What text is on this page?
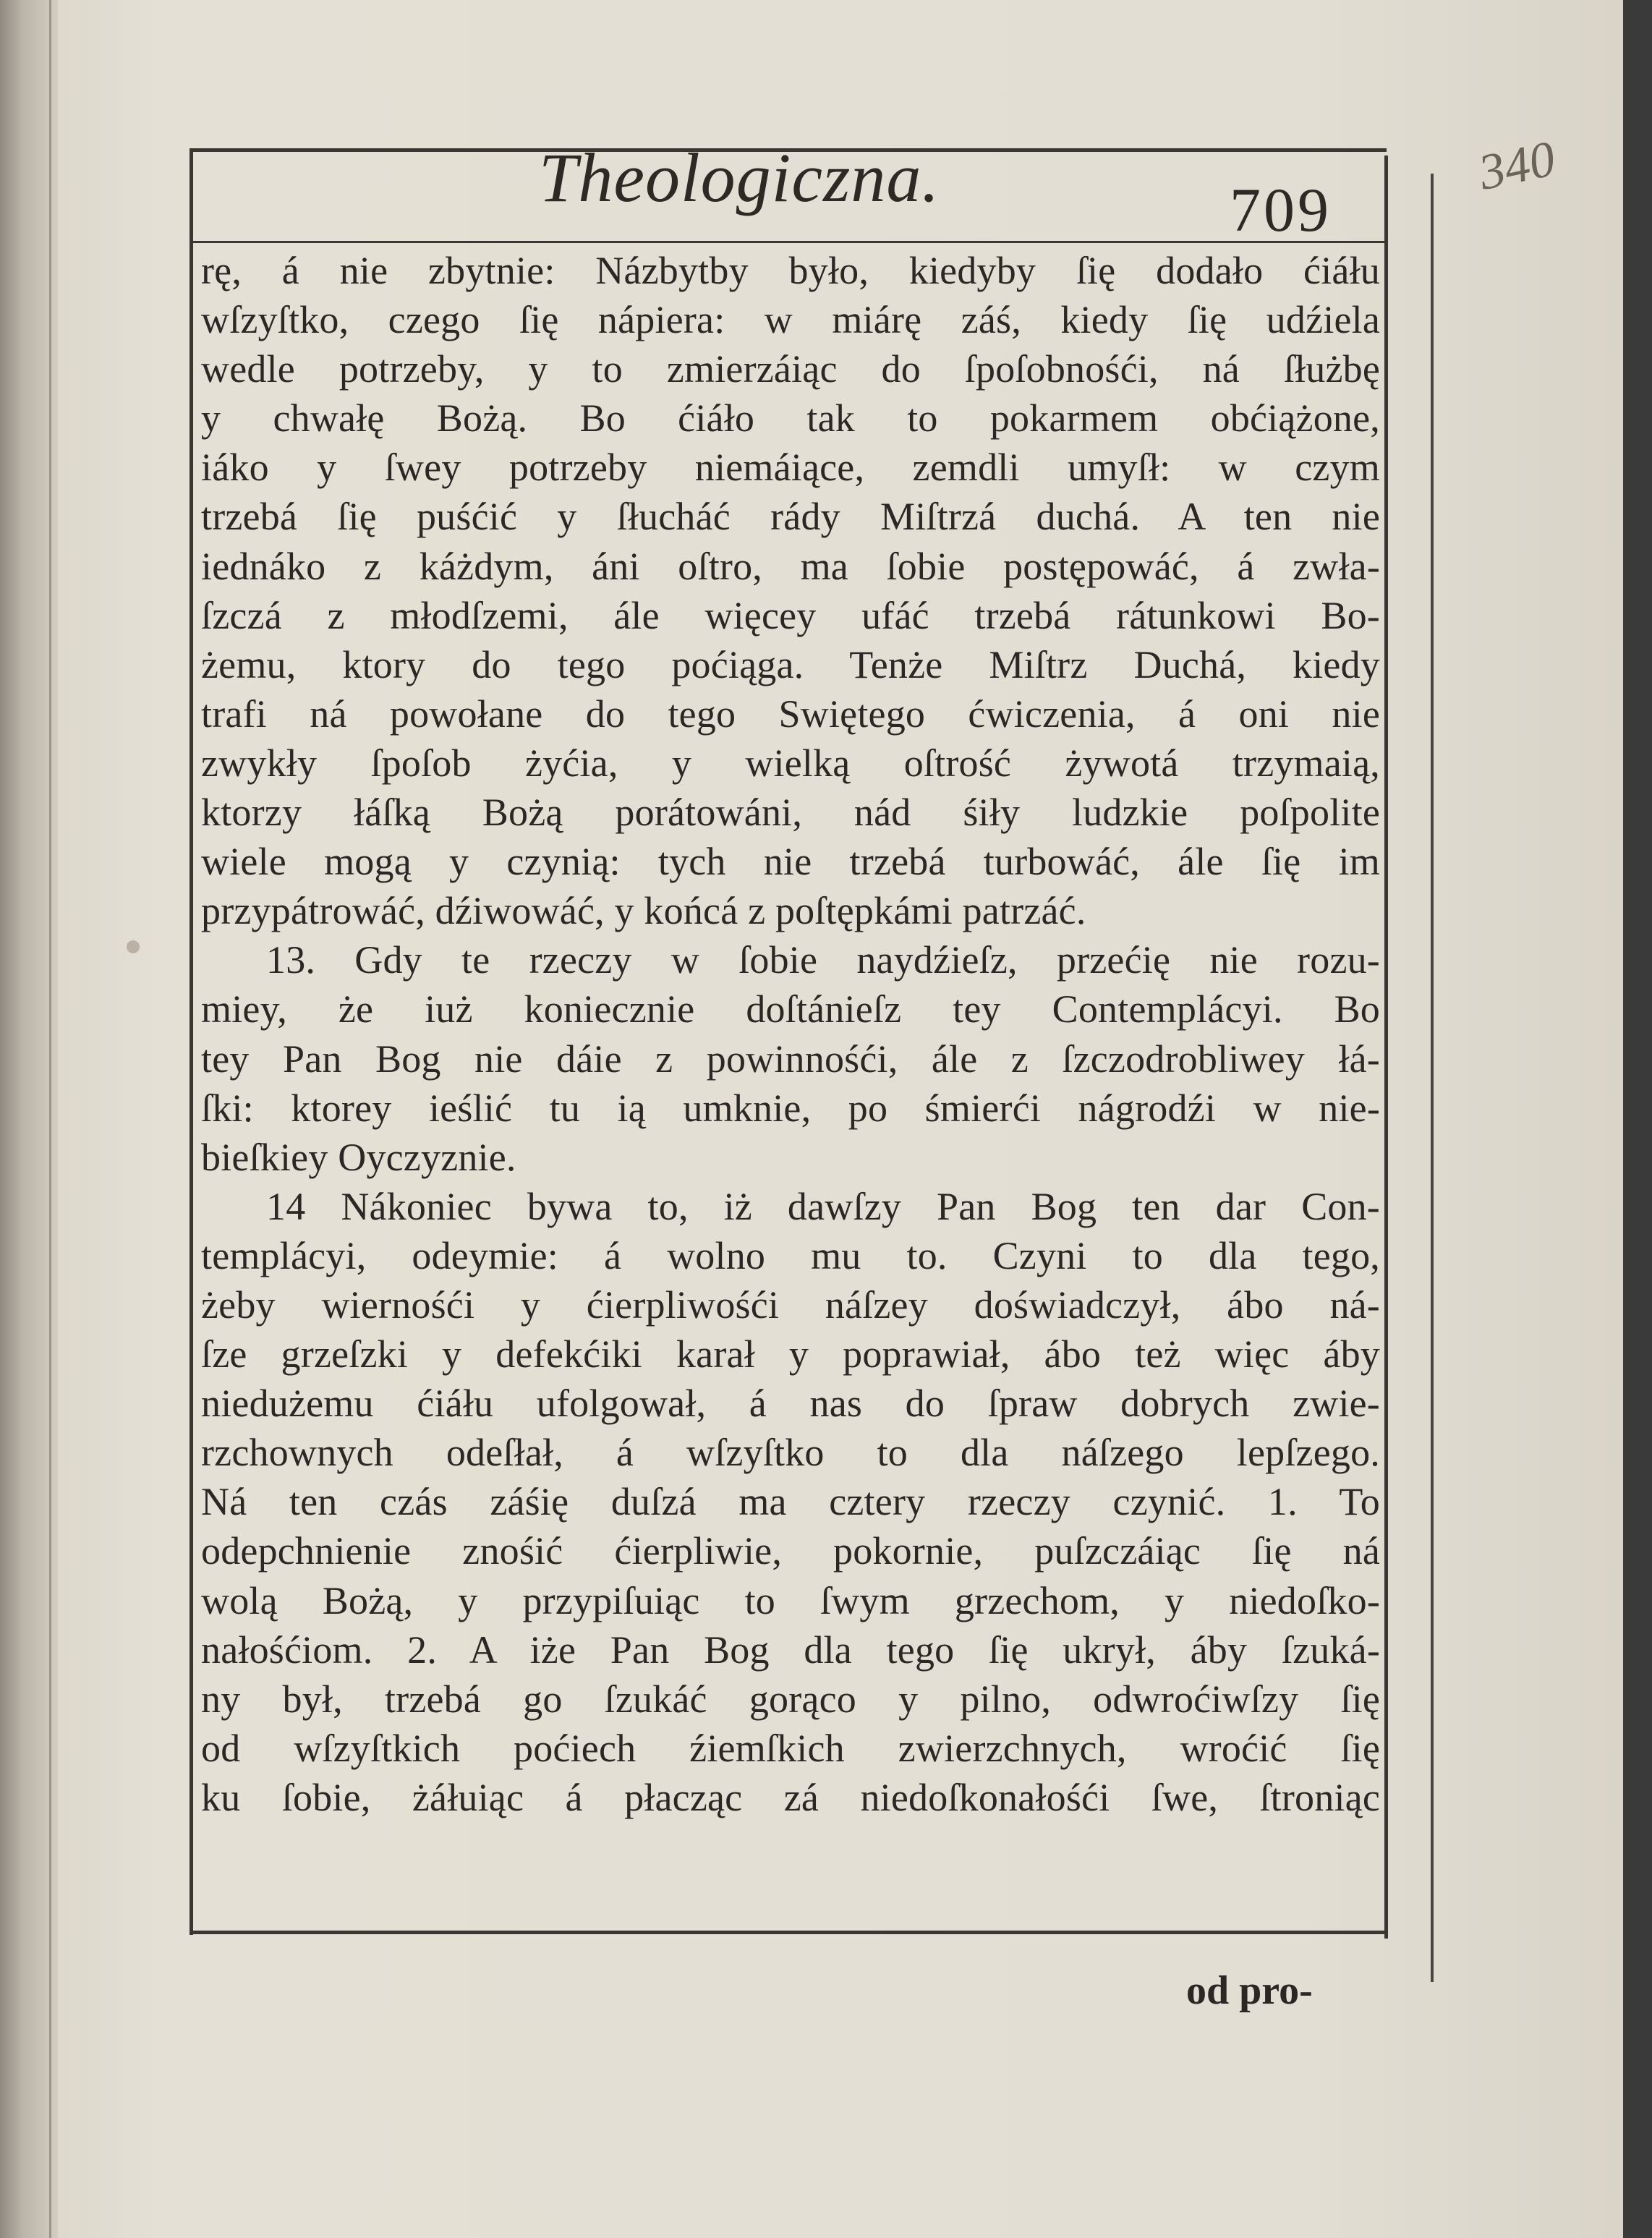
Theologiczna.	709
340
rę, á nie zbytnie: Názbytby było, kiedyby ſię dodało ćiáłu
wſzyſtko, czego ſię nápiera: w miárę záś, kiedy ſię udźiela
wedle potrzeby, y to zmierzáiąc do ſpoſobnośći, ná ſłużbę
y chwałę Bożą. Bo ćiáło tak to pokarmem obćiążone,
iáko y ſwey potrzeby niemáiące, zemdli umyſł: w czym
trzebá ſię puśćić y ſłucháć rády Miſtrzá duchá. A ten nie
iednáko z káżdym, áni oſtro, ma ſobie postępowáć, á zwła-
ſzczá z młodſzemi, ále więcey ufáć trzebá rátunkowi Bo-
żemu, ktory do tego poćiąga. Tenże Miſtrz Duchá, kiedy
trafi ná powołane do tego Swiętego ćwiczenia, á oni nie
zwykły ſpoſob żyćia, y wielką oſtrość żywotá trzymaią,
ktorzy łáſką Bożą porátowáni, nád śiły ludzkie poſpolite
wiele mogą y czynią: tych nie trzebá turbowáć, ále ſię im
przypátrowáć, dźiwowáć, y końcá z poſtępkámi patrzáć.
13. Gdy te rzeczy w ſobie naydźieſz, przećię nie rozu-
miey, że iuż koniecznie doſtánieſz tey Contemplácyi. Bo
tey Pan Bog nie dáie z powinnośći, ále z ſzczodrobliwey łá-
ſki: ktorey ieślić tu ią umknie, po śmierći nágrodźi w nie-
bieſkiey Oyczyznie.
14 Nákoniec bywa to, iż dawſzy Pan Bog ten dar Con-
templácyi, odeymie: á wolno mu to. Czyni to dla tego,
żeby wiernośći y ćierpliwośći náſzey doświadczył, ábo ná-
ſze grzeſzki y defekćiki karał y poprawiał, ábo też więc áby
niedużemu ćiáłu ufolgował, á nas do ſpraw dobrych zwie-
rzchownych odeſłał, á wſzyſtko to dla náſzego lepſzego.
Ná ten czás záśię duſzá ma cztery rzeczy czynić. 1. To
odepchnienie znośić ćierpliwie, pokornie, puſzczáiąc ſię ná
wolą Bożą, y przypiſuiąc to ſwym grzechom, y niedoſko-
nałośćiom. 2. A iże Pan Bog dla tego ſię ukrył, áby ſzuká-
ny był, trzebá go ſzukáć gorąco y pilno, odwroćiwſzy ſię
od wſzyſtkich poćiech źiemſkich zwierzchnych, wroćić ſię
ku ſobie, żáłuiąc á płacząc zá niedoſkonałośći ſwe, ſtroniąc
od pro-
